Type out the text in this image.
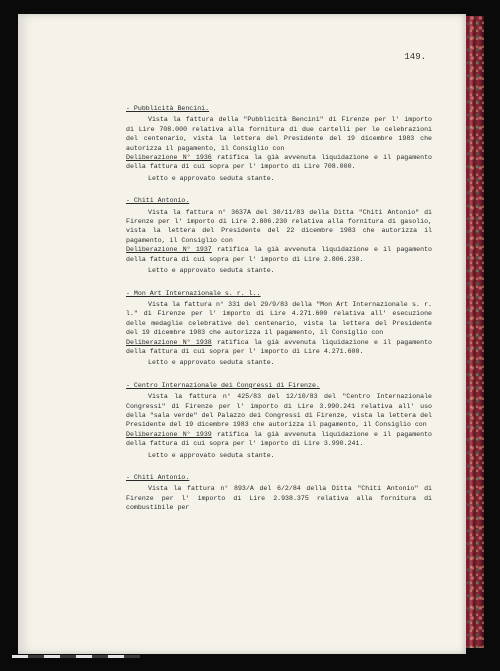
149.
- Pubblicità Bencini.
Vista la fattura della "Pubblicità Bencini" di Firenze per l' importo di Lire 708.000 relativa alla fornitura di due cartelli per le celebrazioni del centenario, vista la lettera del Presidente del 19 dicembre 1983 che autorizza il pagamento, il Consiglio con
Deliberazione N° 1936 ratifica la già avvenuta liquidazione e il pagamento della fattura di cui sopra per l' importo di Lire 708.000.
Letto e approvato seduta stante.
- Chiti Antonio.
Vista la fattura n° 3637A del 30/11/83 della Ditta "Chiti Antonio" di Firenze per l' importo di Lire 2.806.230 relativa alla fornitura di gasolio, vista la lettera del Presidente del 22 dicembre 1983 che autorizza il pagamento, il Consiglio con
Deliberazione N° 1937 ratifica la già avvenuta liquidazione e il pagamento della fattura di cui sopra per l' importo di Lire 2.806.230.
Letto e approvato seduta stante.
- Mon Art Internazionale s. r. l..
Vista la fattura n° 331 del 29/9/83 della "Mon Art Internazionale s. r. l." di Firenze per l' importo di Lire 4.271.600 relativa all' esecuzione delle medaglie celebrative del centenario, vista la lettera del Presidente del 19 dicembre 1983 che autorizza il pagamento, il Consiglio con
Deliberazione N° 1938 ratifica la già avvenuta liquidazione e il pagamento della fattura di cui sopra per l' importo di Lire 4.271.600.
Letto e approvato seduta stante.
- Centro Internazionale dei Congressi di Firenze.
Vista la fattura n° 425/83 del 12/10/83 del "Centro Internazionale Congressi" di Firenze per l' importo di Lire 3.990.241 relativa all' uso della "sala verde" del Palazzo dei Congressi di Firenze, vista la lettera del Presidente del 19 dicembre 1983 che autorizza il pagamento, il Consiglio con
Deliberazione N° 1939 ratifica la già avvenuta liquidazione e il pagamento della fattura di cui sopra per l' importo di Lire 3.990.241.
Letto e approvato seduta stante.
- Chiti Antonio.
Vista la fattura n° 893/A del 6/2/84 della Ditta "Chiti Antonio" di Firenze per l' importo di Lire 2.938.375 relativa alla fornitura di combustibile per
